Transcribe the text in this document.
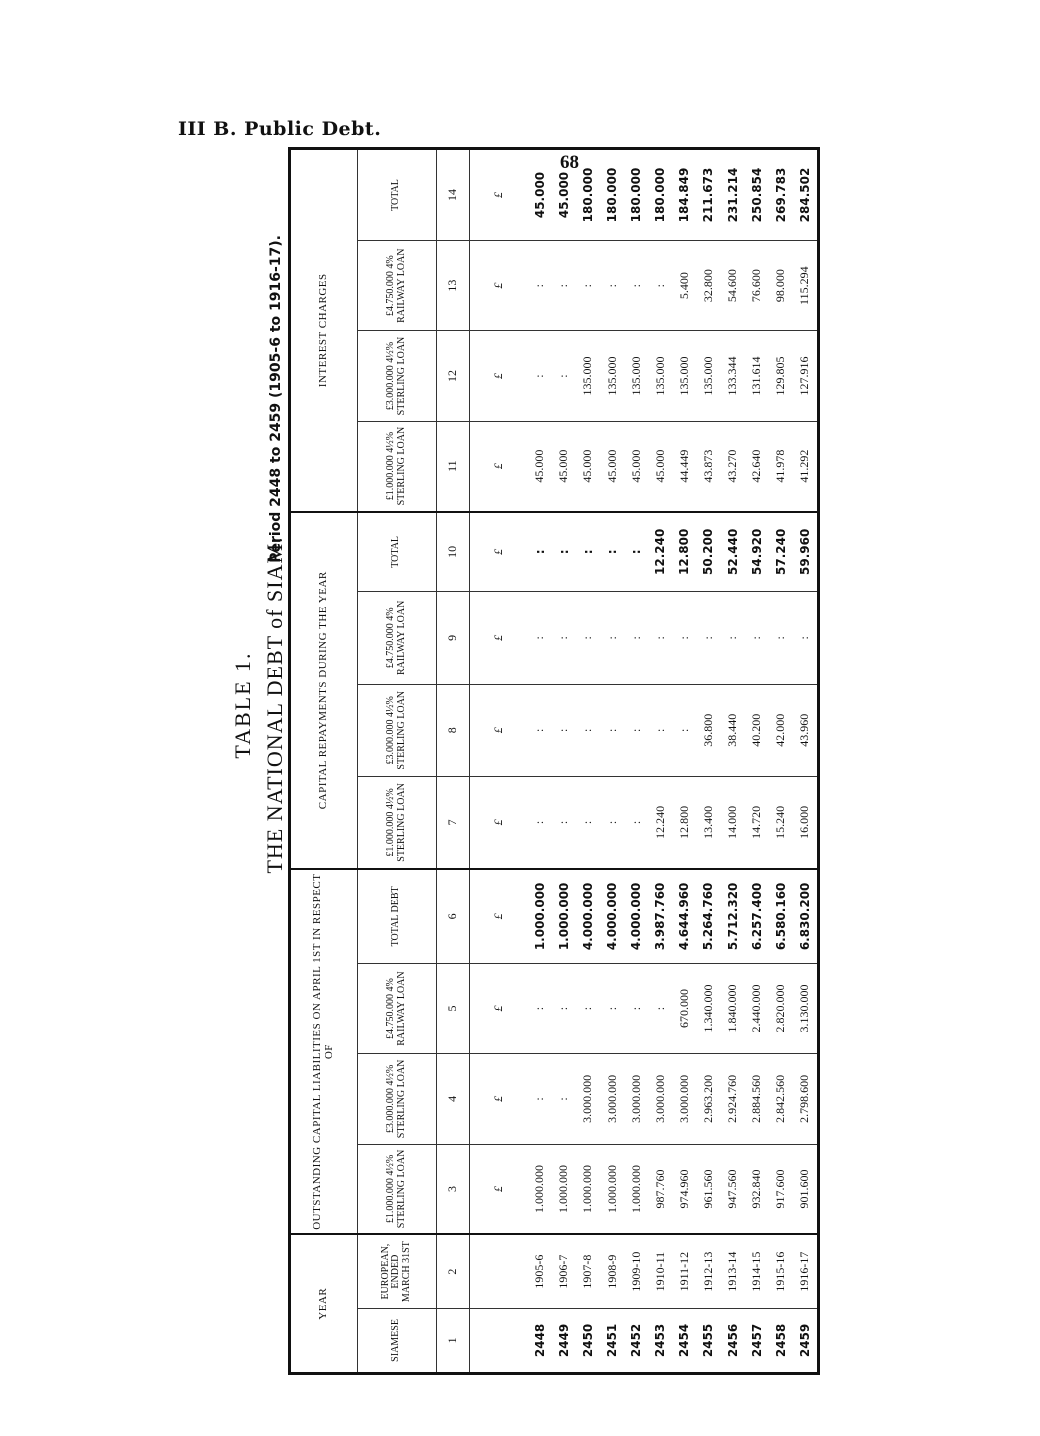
III B. Public Debt.
68
TABLE 1. THE NATIONAL DEBT of SIAM.
Period 2448 to 2459 (1905-6 to 1916-17).
YEAR		OUTSTANDING CAPITAL LIABILITIES ON APRIL 1ST IN RESPECT OF				CAPITAL REPAYMENTS DURING THE YEAR				INTEREST CHARGES			
SIAMESE	EUROPEAN, ENDED MARCH 31ST	£1.000.000 4½% STERLING LOAN	£3.000.000 4½% STERLING LOAN	£4.750.000 4% RAILWAY LOAN	TOTAL DEBT	£1.000.000 4½% STERLING LOAN	£3.000.000 4½% STERLING LOAN	£4.750.000 4% RAILWAY LOAN	TOTAL	£1.000.000 4½% STERLING LOAN	£3.000.000 4½% STERLING LOAN	£4.750.000 4% RAILWAY LOAN	TOTAL
1	2	3	4	5	6	7	8	9	10	11	12	13	14
		£	£	£	£	£	£	£	£	£	£	£	£
2448	1905-6	1.000.000	:	:	1.000.000	:	:	:	:	45.000	:	:	45.000
2449	1906-7	1.000.000	:	:	1.000.000	:	:	:	:	45.000	:	:	45.000
2450	1907-8	1.000.000	3.000.000	:	4.000.000	:	:	:	:	45.000	135.000	:	180.000
2451	1908-9	1.000.000	3.000.000	:	4.000.000	:	:	:	:	45.000	135.000	:	180.000
2452	1909-10	1.000.000	3.000.000	:	4.000.000	:	:	:	:	45.000	135.000	:	180.000
2453	1910-11	987.760	3.000.000	:	3.987.760	12.240	:	:	12.240	45.000	135.000	:	180.000
2454	1911-12	974.960	3.000.000	670.000	4.644.960	12.800	:	:	12.800	44.449	135.000	5.400	184.849
2455	1912-13	961.560	2.963.200	1.340.000	5.264.760	13.400	36.800	:	50.200	43.873	135.000	32.800	211.673
2456	1913-14	947.560	2.924.760	1.840.000	5.712.320	14.000	38.440	:	52.440	43.270	133.344	54.600	231.214
2457	1914-15	932.840	2.884.560	2.440.000	6.257.400	14.720	40.200	:	54.920	42.640	131.614	76.600	250.854
2458	1915-16	917.600	2.842.560	2.820.000	6.580.160	15.240	42.000	:	57.240	41.978	129.805	98.000	269.783
2459	1916-17	901.600	2.798.600	3.130.000	6.830.200	16.000	43.960	:	59.960	41.292	127.916	115.294	284.502
